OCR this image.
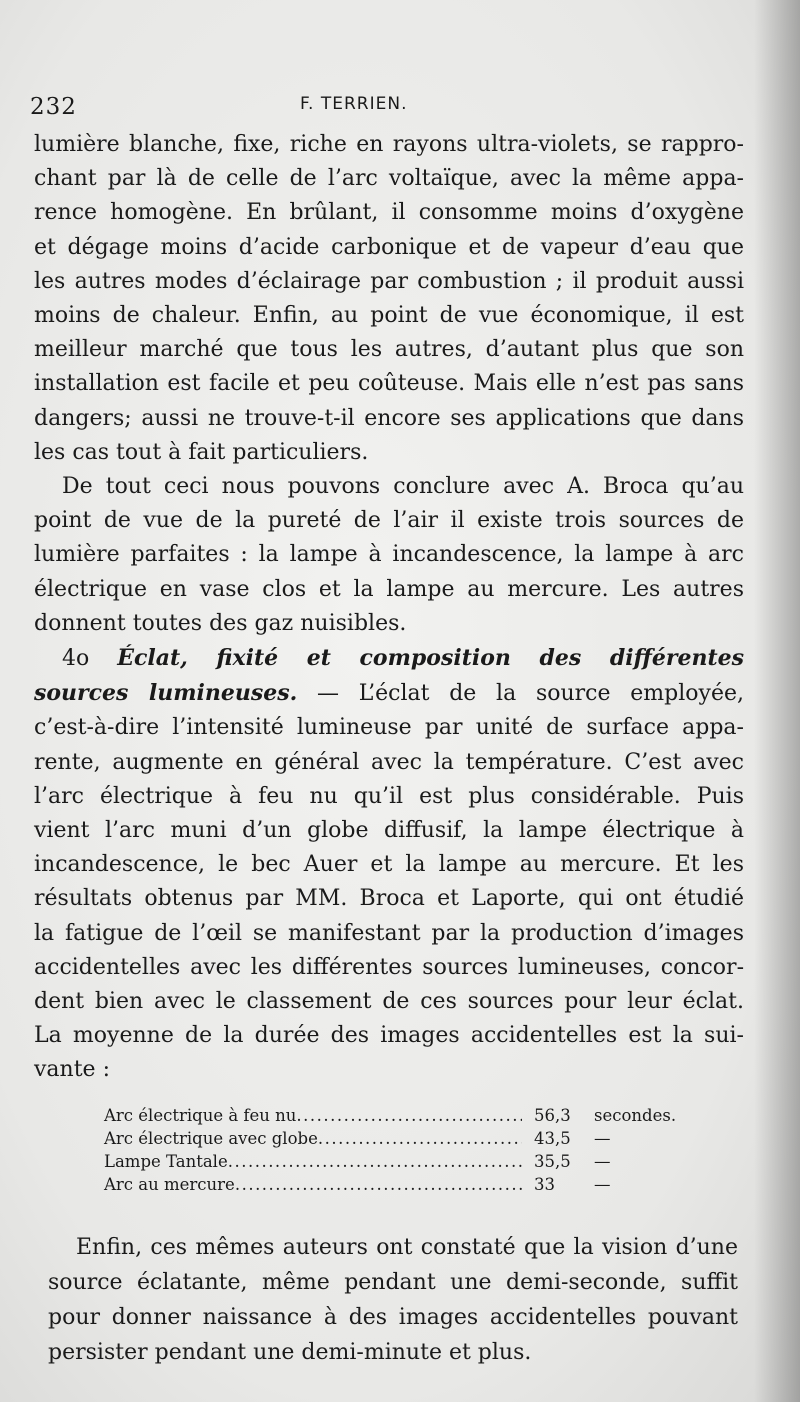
232	F. TERRIEN.
lumière blanche, fixe, riche en rayons ultra-violets, se rappro-
chant par là de celle de l’arc voltaïque, avec la même appa-
rence homogène. En brûlant, il consomme moins d’oxygène
et dégage moins d’acide carbonique et de vapeur d’eau que
les autres modes d’éclairage par combustion ; il produit aussi
moins de chaleur. Enfin, au point de vue économique, il est
meilleur marché que tous les autres, d’autant plus que son
installation est facile et peu coûteuse. Mais elle n’est pas sans
dangers; aussi ne trouve-t-il encore ses applications que dans
les cas tout à fait particuliers.
De tout ceci nous pouvons conclure avec A. Broca qu’au
point de vue de la pureté de l’air il existe trois sources de
lumière parfaites : la lampe à incandescence, la lampe à arc
électrique en vase clos et la lampe au mercure. Les autres
donnent toutes des gaz nuisibles.
4o Éclat, fixité et composition des différentes
sources lumineuses. — L’éclat de la source employée,
c’est-à-dire l’intensité lumineuse par unité de surface appa-
rente, augmente en général avec la température. C’est avec
l’arc électrique à feu nu qu’il est plus considérable. Puis
vient l’arc muni d’un globe diffusif, la lampe électrique à
incandescence, le bec Auer et la lampe au mercure. Et les
résultats obtenus par MM. Broca et Laporte, qui ont étudié
la fatigue de l’œil se manifestant par la production d’images
accidentelles avec les différentes sources lumineuses, concor-
dent bien avec le classement de ces sources pour leur éclat.
La moyenne de la durée des images accidentelles est la sui-
vante :
Arc électrique à feu nu .....	56,3	secondes.
Arc électrique avec globe .....	43,5	—
Lampe Tantale .....	35,5	—
Arc au mercure .....	33	—
Enfin, ces mêmes auteurs ont constaté que la vision d’une
source éclatante, même pendant une demi-seconde, suffit
pour donner naissance à des images accidentelles pouvant
persister pendant une demi-minute et plus.
